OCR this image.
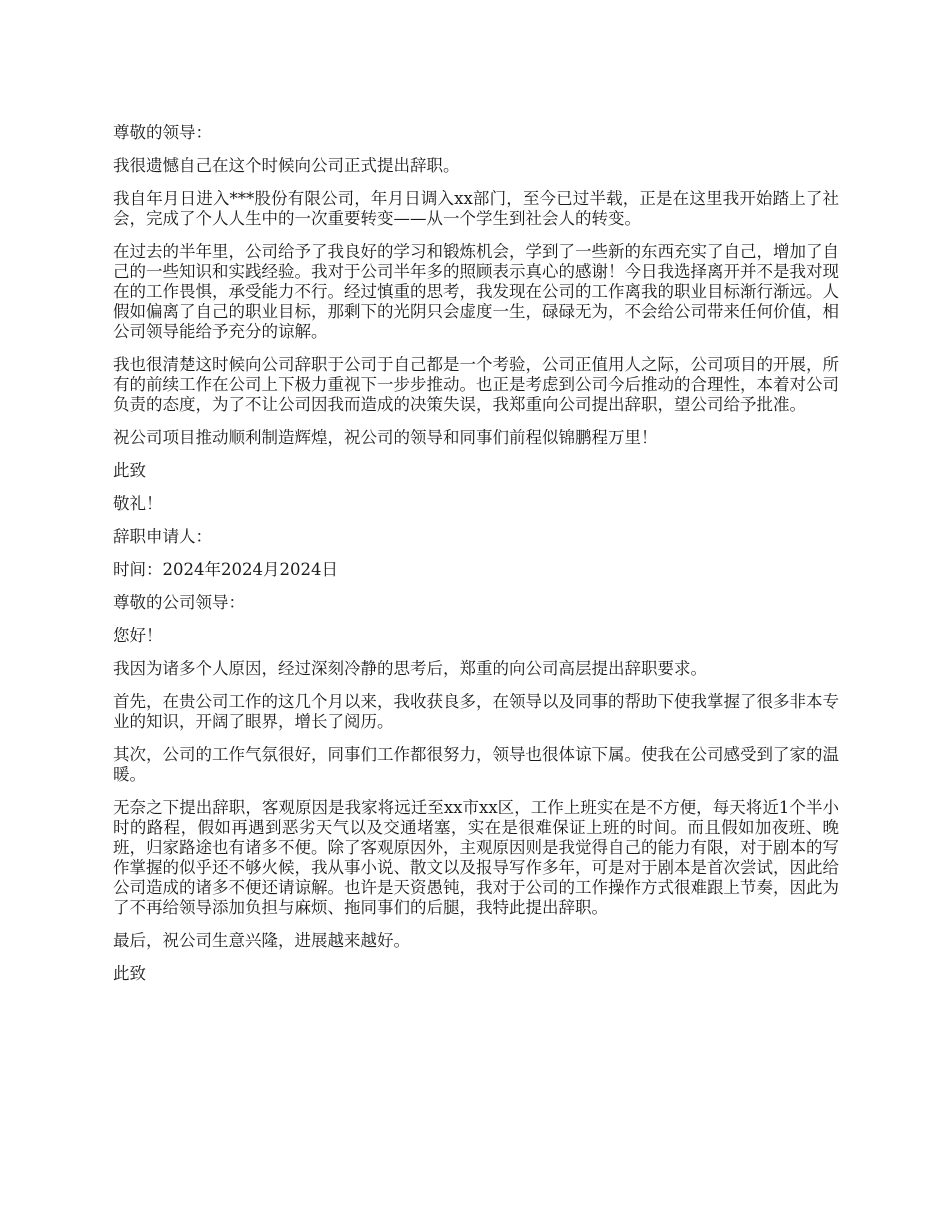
尊敬的领导：

我很遗憾自己在这个时候向公司正式提出辞职。

我自年月日进入***股份有限公司，年月日调入xx部门，至今已过半载，正是在这里我开始踏上了社会，完成了个人人生中的一次重要转变——从一个学生到社会人的转变。

在过去的半年里，公司给予了我良好的学习和锻炼机会，学到了一些新的东西充实了自己，增加了自己的一些知识和实践经验。我对于公司半年多的照顾表示真心的感谢！今日我选择离开并不是我对现在的工作畏惧，承受能力不行。经过慎重的思考，我发现在公司的工作离我的职业目标渐行渐远。人假如偏离了自己的职业目标，那剩下的光阴只会虚度一生，碌碌无为，不会给公司带来任何价值，相公司领导能给予充分的谅解。

我也很清楚这时候向公司辞职于公司于自己都是一个考验，公司正值用人之际，公司项目的开展，所有的前续工作在公司上下极力重视下一步步推动。也正是考虑到公司今后推动的合理性，本着对公司负责的态度，为了不让公司因我而造成的决策失误，我郑重向公司提出辞职，望公司给予批准。

祝公司项目推动顺利制造辉煌，祝公司的领导和同事们前程似锦鹏程万里！

此致

敬礼！

辞职申请人：

时间：2024年2024月2024日

尊敬的公司领导：

您好！

我因为诸多个人原因，经过深刻冷静的思考后，郑重的向公司高层提出辞职要求。

首先，在贵公司工作的这几个月以来，我收获良多，在领导以及同事的帮助下使我掌握了很多非本专业的知识，开阔了眼界，增长了阅历。

其次，公司的工作气氛很好，同事们工作都很努力，领导也很体谅下属。使我在公司感受到了家的温暖。

无奈之下提出辞职，客观原因是我家将远迁至xx市xx区，工作上班实在是不方便，每天将近1个半小时的路程，假如再遇到恶劣天气以及交通堵塞，实在是很难保证上班的时间。而且假如加夜班、晚班，归家路途也有诸多不便。除了客观原因外，主观原因则是我觉得自己的能力有限，对于剧本的写作掌握的似乎还不够火候，我从事小说、散文以及报导写作多年，可是对于剧本是首次尝试，因此给公司造成的诸多不便还请谅解。也许是天资愚钝，我对于公司的工作操作方式很难跟上节奏，因此为了不再给领导添加负担与麻烦、拖同事们的后腿，我特此提出辞职。

最后，祝公司生意兴隆，进展越来越好。

此致
